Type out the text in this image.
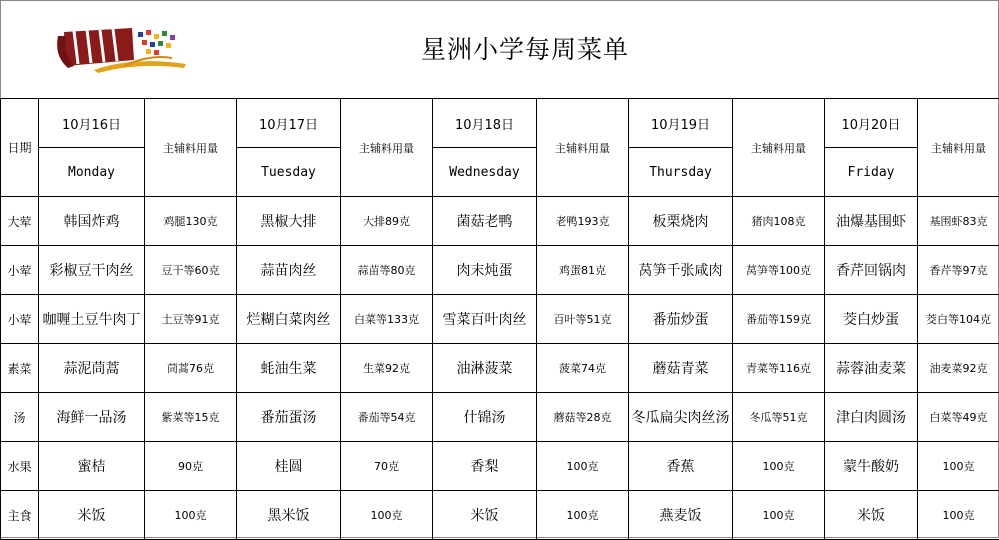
星洲小学每周菜单
日期	10月16日	主辅料用量	10月17日	主辅料用量	10月18日	主辅料用量	10月19日	主辅料用量	10月20日	主辅料用量
	Monday		Tuesday		Wednesday		Thursday		Friday	
大荤	韩国炸鸡	鸡腿130克	黑椒大排	大排89克	菌菇老鸭	老鸭193克	板栗烧肉	猪肉108克	油爆基围虾	基围虾83克
小荤	彩椒豆干肉丝	豆干等60克	蒜苗肉丝	蒜苗等80克	肉末炖蛋	鸡蛋81克	莴笋千张咸肉	莴笋等100克	香芹回锅肉	香芹等97克
小荤	咖喱土豆牛肉丁	土豆等91克	烂糊白菜肉丝	白菜等133克	雪菜百叶肉丝	百叶等51克	番茄炒蛋	番茄等159克	茭白炒蛋	茭白等104克
素菜	蒜泥茼蒿	茼蒿76克	蚝油生菜	生菜92克	油淋菠菜	菠菜74克	蘑菇青菜	青菜等116克	蒜蓉油麦菜	油麦菜92克
汤	海鲜一品汤	紫菜等15克	番茄蛋汤	番茄等54克	什锦汤	蘑菇等28克	冬瓜扁尖肉丝汤	冬瓜等51克	津白肉圆汤	白菜等49克
水果	蜜桔	90克	桂圆	70克	香梨	100克	香蕉	100克	蒙牛酸奶	100克
主食	米饭	100克	黑米饭	100克	米饭	100克	燕麦饭	100克	米饭	100克
